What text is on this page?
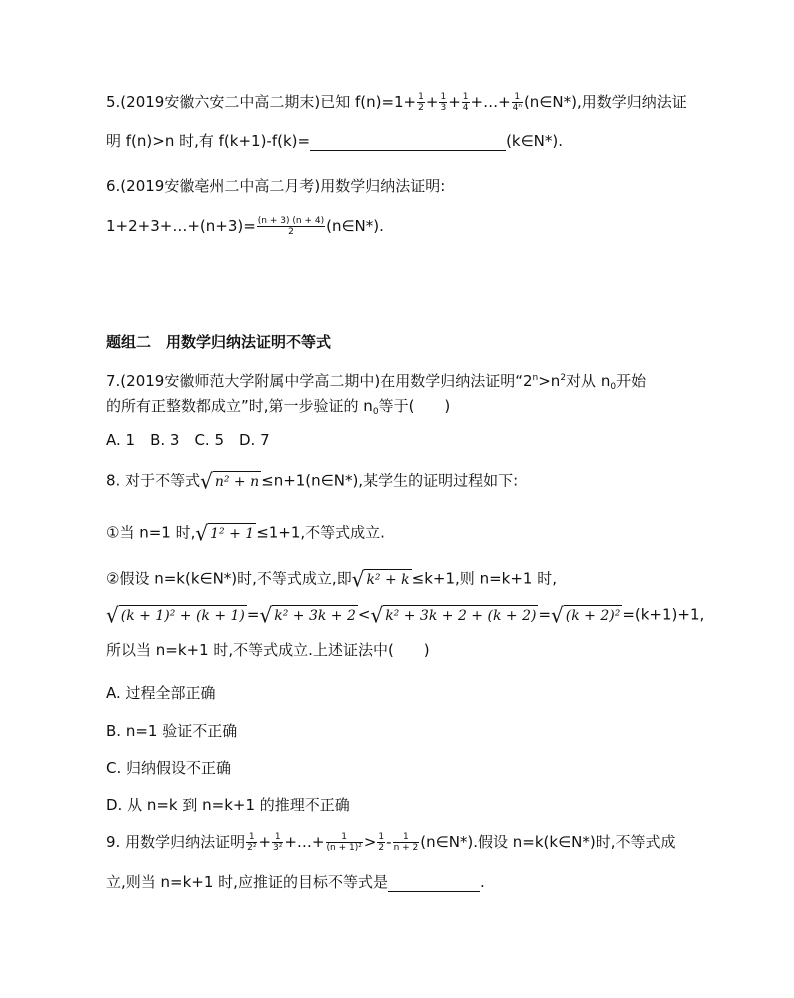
5.(2019安徽六安二中高二期末)已知 $f(n)=1+ \frac{1}{2} + \frac{1}{3} + \frac{1}{4}$ +…+ $\frac{1}{\text{4ⁿ}}$ (n∈N*),用数学归纳法证
明 f(n)>n 时,有 f(k+1)-f(k)=	(k∈N*).
6.(2019安徽亳州二中高二月考)用数学归纳法证明:
1+2+3+…+(n+3)= $\frac{(n + 3) (n + 4)}{2}$ (n∈N*).
题组二　用数学归纳法证明不等式
7.(2019安徽师范大学附属中学高二期中)在用数学归纳法证明“$2^n>n^2$对从 $n_0$开始
的所有正整数都成立”时,第一步验证的 $n_0$等于(　　)
A. 1　B. 3　C. 5　D. 7
8. 对于不等式√ n² + n ≤n+1(n∈N*),某学生的证明过程如下:
①当 n=1 时,√ 1² + 1 ≤1+1,不等式成立.
②假设 n=k(k∈N*)时,不等式成立,即√ k² + k ≤k+1,则 n=k+1 时,
√ (k + 1)² + (k + 1) =√ k² + 3k + 2 <√ k² + 3k + 2 + (k + 2) =√ (k + 2)² =(k+1)+1,
所以当 n=k+1 时,不等式成立.上述证法中(　　)
A. 过程全部正确
B. n=1 验证不正确
C. 归纳假设不正确
D. 从 n=k 到 n=k+1 的推理不正确
9. 用数学归纳法证明 $\frac{1}{\text{2²}} + \frac{1}{\text{3²}}$ +…+ $\frac{1}{\text{(n + 1)²}} > \frac{1}{2} - \frac{1}{n + 2}$ (n∈N*).假设 n=k(k∈N*)时,不等式成
立,则当 n=k+1 时,应推证的目标不等式是	.
